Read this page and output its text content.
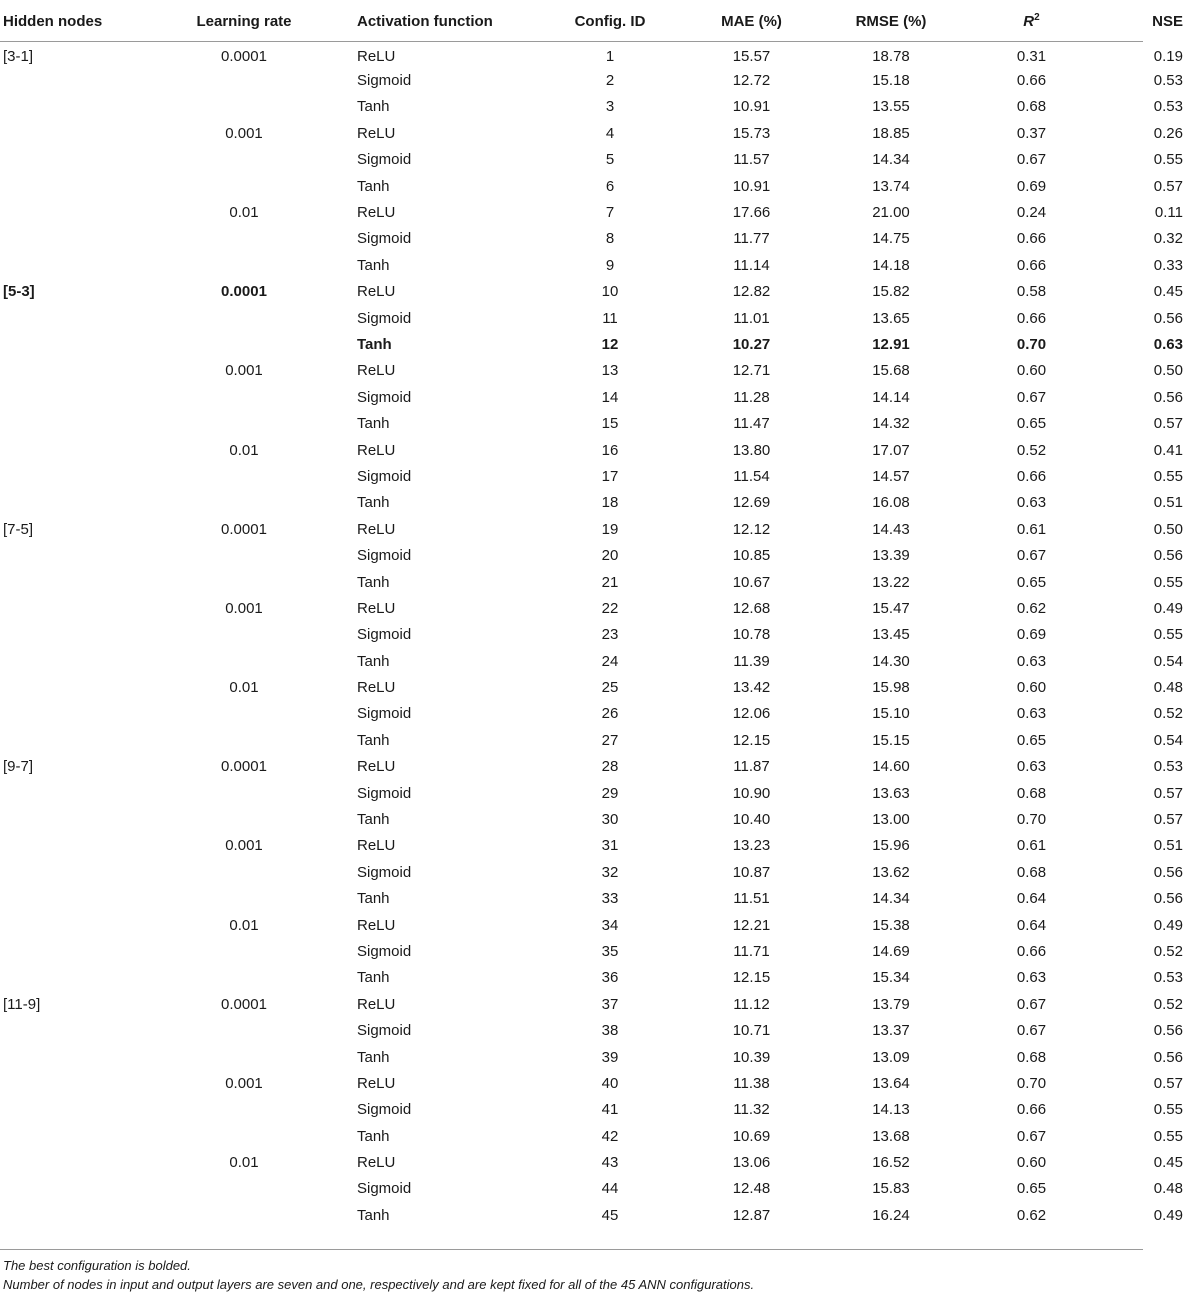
Hidden nodes	Learning rate	Activation function	Config. ID	MAE (%)	RMSE (%)	$R^2$	NSE
[3-1]	0.0001	ReLU	1	15.57	18.78	0.31	0.19
		Sigmoid	2	12.72	15.18	0.66	0.53
		Tanh	3	10.91	13.55	0.68	0.53
	0.001	ReLU	4	15.73	18.85	0.37	0.26
		Sigmoid	5	11.57	14.34	0.67	0.55
		Tanh	6	10.91	13.74	0.69	0.57
	0.01	ReLU	7	17.66	21.00	0.24	0.11
		Sigmoid	8	11.77	14.75	0.66	0.32
		Tanh	9	11.14	14.18	0.66	0.33
[5-3]	0.0001	ReLU	10	12.82	15.82	0.58	0.45
		Sigmoid	11	11.01	13.65	0.66	0.56
		Tanh	12	10.27	12.91	0.70	0.63
	0.001	ReLU	13	12.71	15.68	0.60	0.50
		Sigmoid	14	11.28	14.14	0.67	0.56
		Tanh	15	11.47	14.32	0.65	0.57
	0.01	ReLU	16	13.80	17.07	0.52	0.41
		Sigmoid	17	11.54	14.57	0.66	0.55
		Tanh	18	12.69	16.08	0.63	0.51
[7-5]	0.0001	ReLU	19	12.12	14.43	0.61	0.50
		Sigmoid	20	10.85	13.39	0.67	0.56
		Tanh	21	10.67	13.22	0.65	0.55
	0.001	ReLU	22	12.68	15.47	0.62	0.49
		Sigmoid	23	10.78	13.45	0.69	0.55
		Tanh	24	11.39	14.30	0.63	0.54
	0.01	ReLU	25	13.42	15.98	0.60	0.48
		Sigmoid	26	12.06	15.10	0.63	0.52
		Tanh	27	12.15	15.15	0.65	0.54
[9-7]	0.0001	ReLU	28	11.87	14.60	0.63	0.53
		Sigmoid	29	10.90	13.63	0.68	0.57
		Tanh	30	10.40	13.00	0.70	0.57
	0.001	ReLU	31	13.23	15.96	0.61	0.51
		Sigmoid	32	10.87	13.62	0.68	0.56
		Tanh	33	11.51	14.34	0.64	0.56
	0.01	ReLU	34	12.21	15.38	0.64	0.49
		Sigmoid	35	11.71	14.69	0.66	0.52
		Tanh	36	12.15	15.34	0.63	0.53
[11-9]	0.0001	ReLU	37	11.12	13.79	0.67	0.52
		Sigmoid	38	10.71	13.37	0.67	0.56
		Tanh	39	10.39	13.09	0.68	0.56
	0.001	ReLU	40	11.38	13.64	0.70	0.57
		Sigmoid	41	11.32	14.13	0.66	0.55
		Tanh	42	10.69	13.68	0.67	0.55
	0.01	ReLU	43	13.06	16.52	0.60	0.45
		Sigmoid	44	12.48	15.83	0.65	0.48
		Tanh	45	12.87	16.24	0.62	0.49
The best configuration is bolded.
Number of nodes in input and output layers are seven and one, respectively and are kept fixed for all of the 45 ANN configurations.
